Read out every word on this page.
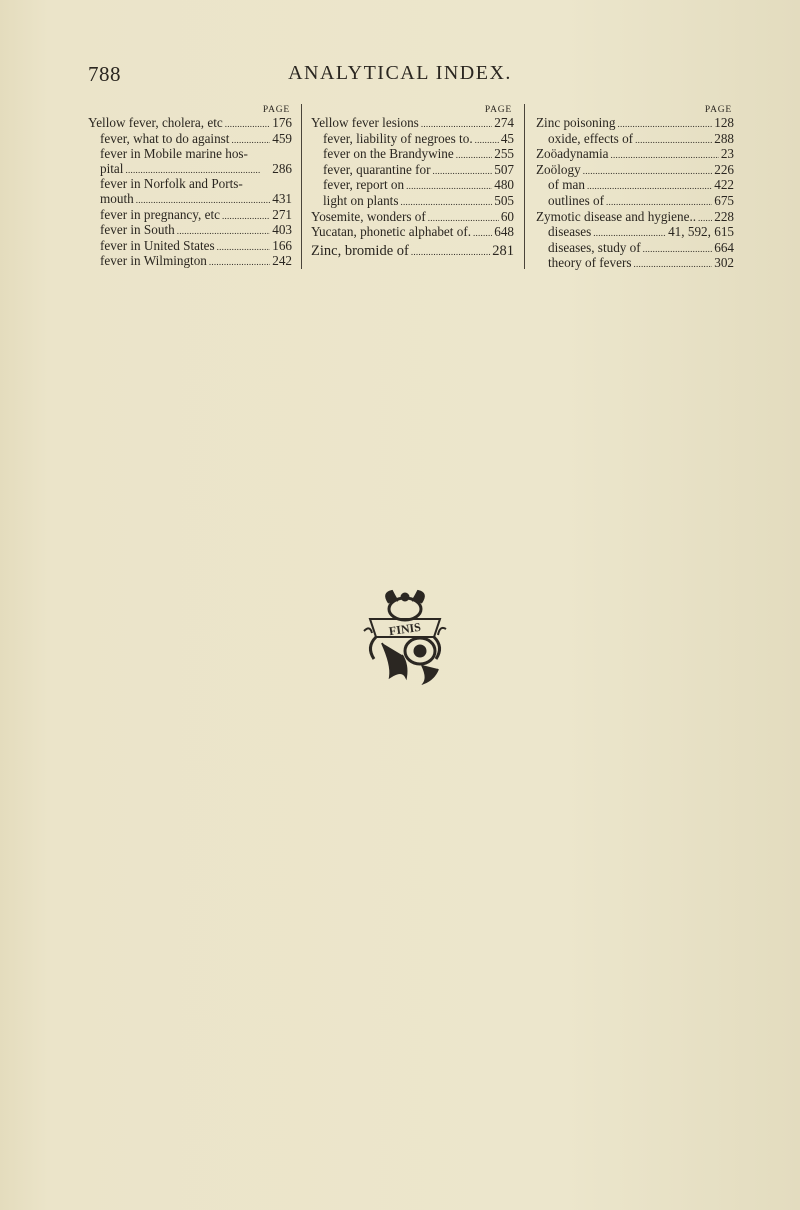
788	ANALYTICAL INDEX.
PAGE
Yellow fever, cholera, etc . . .	176
fever, what to do against . . .	459
fever in Mobile marine hos-
pital . . .	286
fever in Norfolk and Ports-
mouth . . .	431
fever in pregnancy, etc . . .	271
fever in South . . .	403
fever in United States . . .	166
fever in Wilmington . . .	242
PAGE
Yellow fever lesions . . .	274
fever, liability of negroes to. . . . 45
fever on the Brandywine . . .	255
fever, quarantine for . . .	507
fever, report on . . .	480
light on plants . . .	505
Yosemite, wonders of . . .	60
Yucatan, phonetic alphabet of. . . . 648
Zinc, bromide of . . .	281
PAGE
Zinc poisoning . . .	128
oxide, effects of . . .	288
Zoöadynamia . . .	23
Zoölogy . . .	226
of man . . .	422
outlines of . . .	675
Zymotic disease and hygiene.. . . . 228
diseases . . .	41, 592, 615
diseases, study of . . .	664
theory of fevers . . .	302
FINIS
